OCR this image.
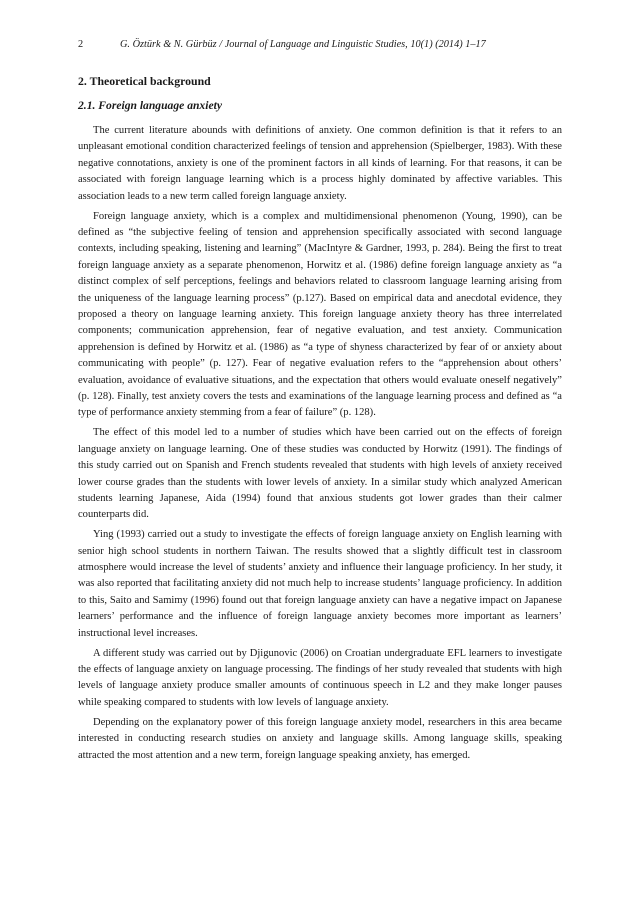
2	G. Öztürk & N. Gürbüz / Journal of Language and Linguistic Studies, 10(1) (2014) 1–17
2. Theoretical background
2.1. Foreign language anxiety

The current literature abounds with definitions of anxiety. One common definition is that it refers to an unpleasant emotional condition characterized feelings of tension and apprehension (Spielberger, 1983). With these negative connotations, anxiety is one of the prominent factors in all kinds of learning. For that reasons, it can be associated with foreign language learning which is a process highly dominated by affective variables. This association leads to a new term called foreign language anxiety.

Foreign language anxiety, which is a complex and multidimensional phenomenon (Young, 1990), can be defined as “the subjective feeling of tension and apprehension specifically associated with second language contexts, including speaking, listening and learning” (MacIntyre & Gardner, 1993, p. 284). Being the first to treat foreign language anxiety as a separate phenomenon, Horwitz et al. (1986) define foreign language anxiety as “a distinct complex of self perceptions, feelings and behaviors related to classroom language learning arising from the uniqueness of the language learning process” (p.127). Based on empirical data and anecdotal evidence, they proposed a theory on language learning anxiety. This foreign language anxiety theory has three interrelated components; communication apprehension, fear of negative evaluation, and test anxiety. Communication apprehension is defined by Horwitz et al. (1986) as “a type of shyness characterized by fear of or anxiety about communicating with people” (p. 127). Fear of negative evaluation refers to the “apprehension about others’ evaluation, avoidance of evaluative situations, and the expectation that others would evaluate oneself negatively” (p. 128). Finally, test anxiety covers the tests and examinations of the language learning process and defined as “a type of performance anxiety stemming from a fear of failure” (p. 128).

The effect of this model led to a number of studies which have been carried out on the effects of foreign language anxiety on language learning. One of these studies was conducted by Horwitz (1991). The findings of this study carried out on Spanish and French students revealed that students with high levels of anxiety received lower course grades than the students with lower levels of anxiety. In a similar study which analyzed American students learning Japanese, Aida (1994) found that anxious students got lower grades than their calmer counterparts did.

Ying (1993) carried out a study to investigate the effects of foreign language anxiety on English learning with senior high school students in northern Taiwan. The results showed that a slightly difficult test in classroom atmosphere would increase the level of students’ anxiety and influence their language proficiency. In her study, it was also reported that facilitating anxiety did not much help to increase students’ language proficiency. In addition to this, Saito and Samimy (1996) found out that foreign language anxiety can have a negative impact on Japanese learners’ performance and the influence of foreign language anxiety becomes more important as learners’ instructional level increases.

A different study was carried out by Djigunovic (2006) on Croatian undergraduate EFL learners to investigate the effects of language anxiety on language processing. The findings of her study revealed that students with high levels of language anxiety produce smaller amounts of continuous speech in L2 and they make longer pauses while speaking compared to students with low levels of language anxiety.

Depending on the explanatory power of this foreign language anxiety model, researchers in this area became interested in conducting research studies on anxiety and language skills. Among language skills, speaking attracted the most attention and a new term, foreign language speaking anxiety, has emerged.
